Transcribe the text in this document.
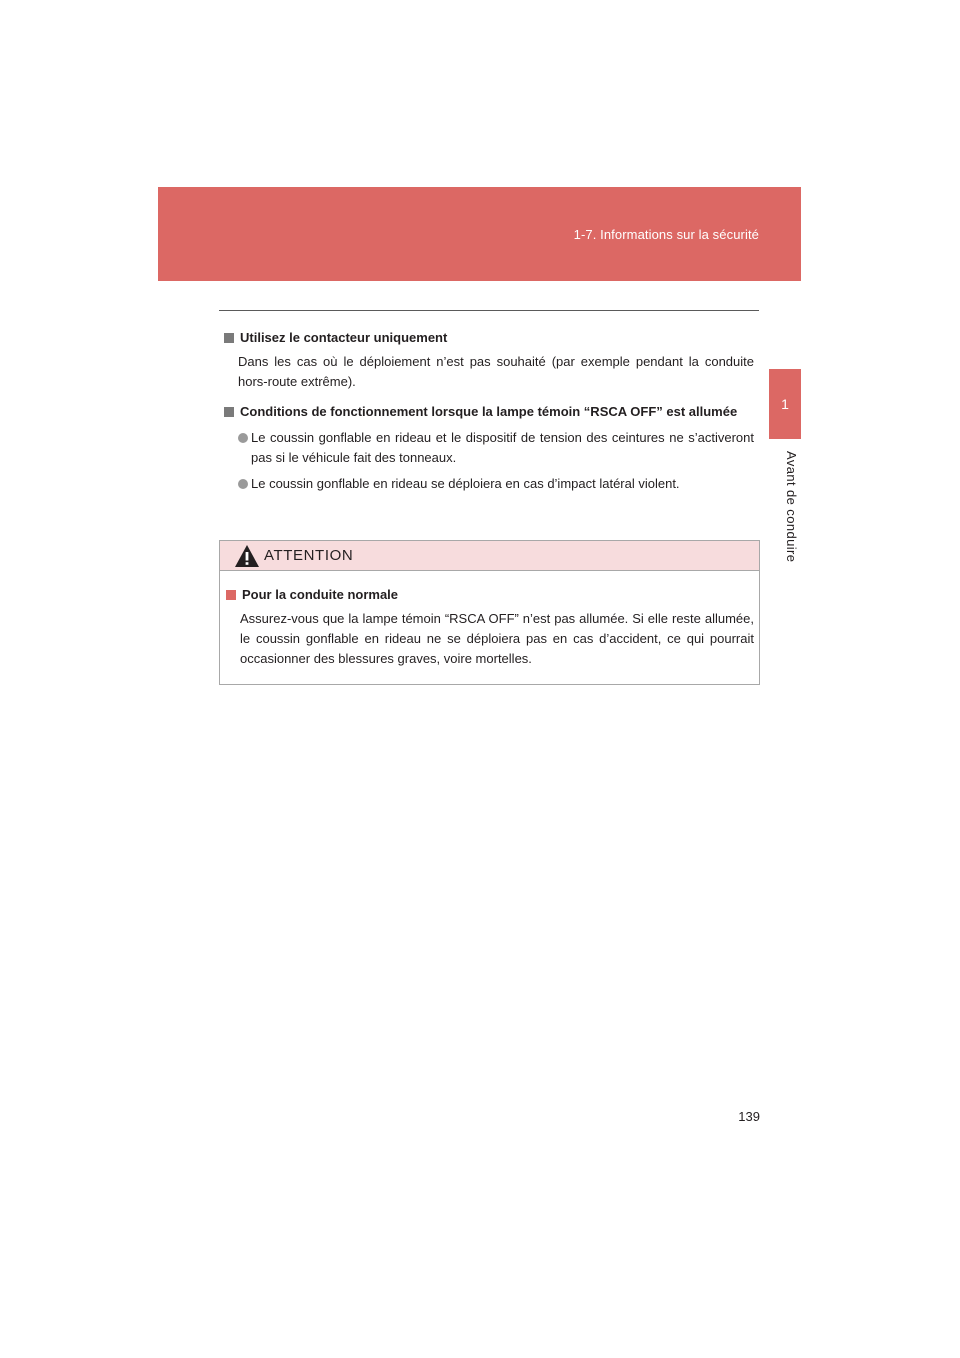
1-7. Informations sur la sécurité
1
Avant de conduire
Utilisez le contacteur uniquement

Dans les cas où le déploiement n’est pas souhaité (par exemple pendant la conduite hors-route extrême).

Conditions de fonctionnement lorsque la lampe témoin “RSCA OFF” est allumée
Le coussin gonflable en rideau et le dispositif de tension des ceintures ne s’activeront pas si le véhicule fait des tonneaux.
Le coussin gonflable en rideau se déploiera en cas d’impact latéral violent.
ATTENTION
Pour la conduite normale

Assurez-vous que la lampe témoin “RSCA OFF” n’est pas allumée. Si elle reste allumée, le coussin gonflable en rideau ne se déploiera pas en cas d’accident, ce qui pourrait occasionner des blessures graves, voire mortelles.

139
